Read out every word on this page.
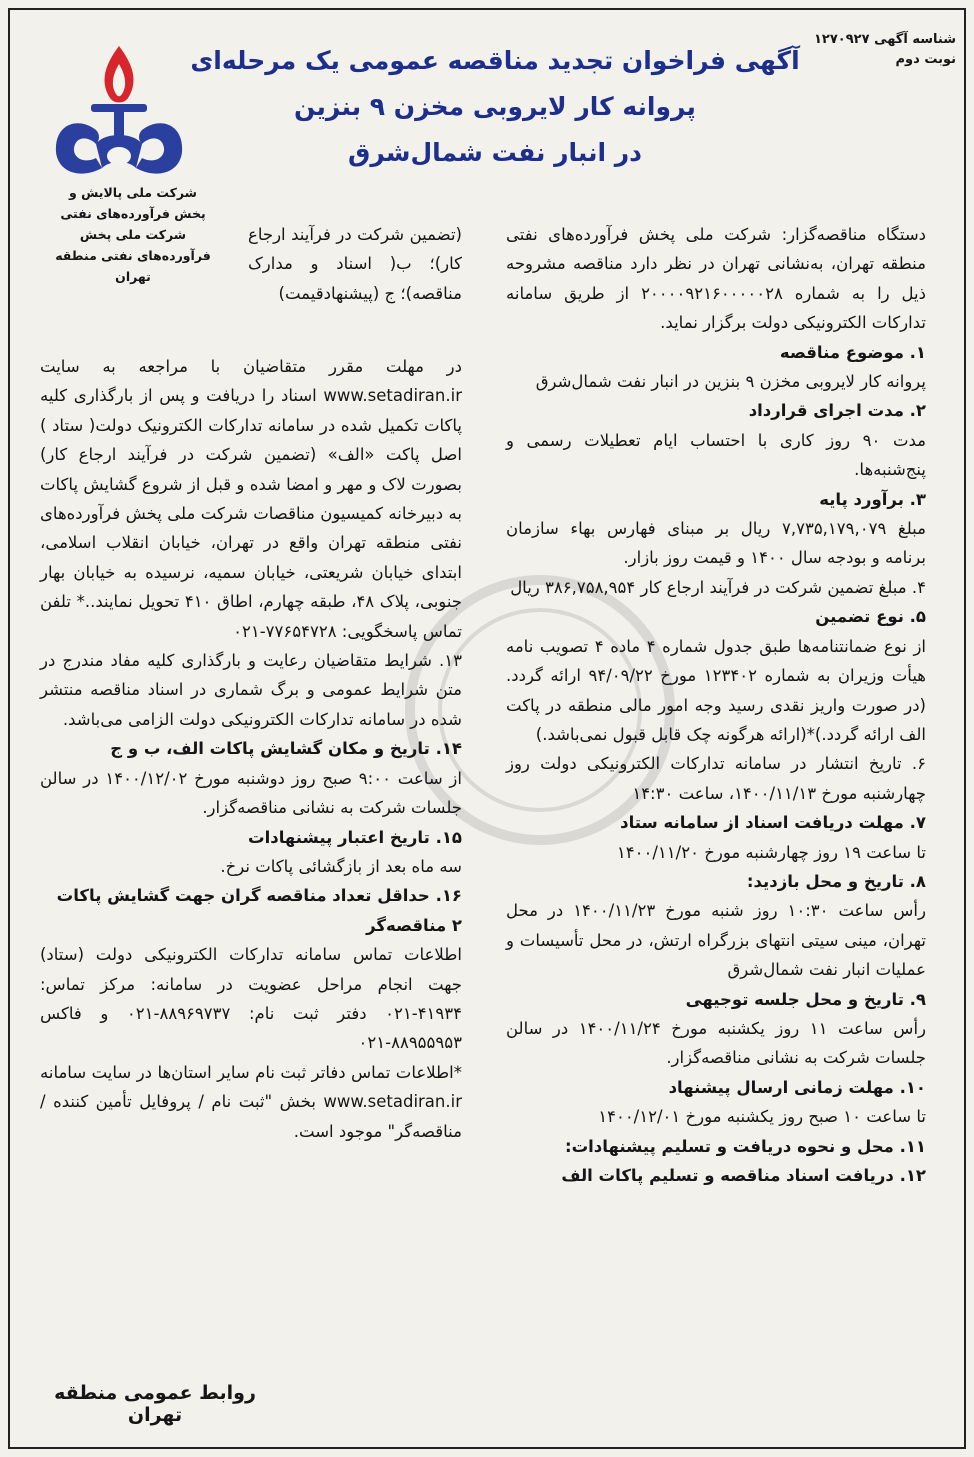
شناسه آگهی ۱۲۷۰۹۲۷
نوبت دوم
آگهی فراخوان تجدید مناقصه عمومی یک مرحله‌ای
پروانه کار لایروبی مخزن ۹ بنزین
در انبار نفت شمال‌شرق
شرکت ملی پالایش و
پخش فرآورده‌های نفتی
شرکت ملی پخش
فرآورده‌های نفتی منطقه
تهران

دستگاه مناقصه‌گزار: شرکت ملی پخش فرآورده‌های نفتی منطقه تهران، به‌نشانی تهران در نظر دارد مناقصه مشروحه ذیل را به شماره ۲۰۰۰۰۹۲۱۶۰۰۰۰۰۲۸ از طریق سامانه تدارکات الکترونیکی دولت برگزار نماید.

۱. موضوع مناقصه

پروانه کار لایروبی مخزن ۹ بنزین در انبار نفت شمال‌شرق

۲. مدت اجرای قرارداد

مدت ۹۰ روز کاری با احتساب ایام تعطیلات رسمی و پنج‌شنبه‌ها.

۳. برآورد پایه

مبلغ ۷,۷۳۵,۱۷۹,۰۷۹ ریال بر مبنای فهارس بهاء سازمان برنامه و بودجه سال ۱۴۰۰ و قیمت روز بازار.

۴. مبلغ تضمین شرکت در فرآیند ارجاع کار ۳۸۶,۷۵۸,۹۵۴ ریال

۵. نوع تضمین

از نوع ضمانتنامه‌ها طبق جدول شماره ۴ ماده ۴ تصویب نامه هیأت وزیران به شماره ۱۲۳۴۰۲ مورخ ۹۴/۰۹/۲۲ ارائه گردد. (در صورت واریز نقدی رسید وجه امور مالی منطقه در پاکت الف ارائه گردد.)*(ارائه هرگونه چک قابل قبول نمی‌باشد.)

۶. تاریخ انتشار در سامانه تدارکات الکترونیکی دولت روز چهارشنبه مورخ ۱۴۰۰/۱۱/۱۳، ساعت ۱۴:۳۰

۷. مهلت دریافت اسناد از سامانه ستاد

تا ساعت ۱۹ روز چهارشنبه مورخ ۱۴۰۰/۱۱/۲۰

۸. تاریخ و محل بازدید:

رأس ساعت ۱۰:۳۰ روز شنبه مورخ ۱۴۰۰/۱۱/۲۳ در محل تهران، مینی سیتی انتهای بزرگراه ارتش، در محل تأسیسات و عملیات انبار نفت شمال‌شرق

۹. تاریخ و محل جلسه توجیهی

رأس ساعت ۱۱ روز یکشنبه مورخ ۱۴۰۰/۱۱/۲۴ در سالن جلسات شرکت به نشانی مناقصه‌گزار.

۱۰. مهلت زمانی ارسال پیشنهاد

تا ساعت ۱۰ صبح روز یکشنبه مورخ ۱۴۰۰/۱۲/۰۱

۱۱. محل و نحوه دریافت و تسلیم پیشنهادات:

۱۲. دریافت اسناد مناقصه و تسلیم پاکات الف

(تضمین شرکت در فرآیند ارجاع کار)؛ ب( اسناد و مدارک مناقصه)؛ ج (پیشنهادقیمت)

در مهلت مقرر متقاضیان با مراجعه به سایت www.setadiran.ir اسناد را دریافت و پس از بارگذاری کلیه پاکات تکمیل شده در سامانه تدارکات الکترونیک دولت( ستاد ) اصل پاکت «الف» (تضمین شرکت در فرآیند ارجاع کار) بصورت لاک و مهر و امضا شده و قبل از شروع گشایش پاکات به دبیرخانه کمیسیون مناقصات شرکت ملی پخش فرآورده‌های نفتی منطقه تهران واقع در تهران، خیابان انقلاب اسلامی، ابتدای خیابان شریعتی، خیابان سمیه، نرسیده به خیابان بهار جنوبی، پلاک ۴۸، طبقه چهارم، اطاق ۴۱۰ تحویل نمایند..* تلفن تماس پاسخگویی: ۷۷۶۵۴۷۲۸-۰۲۱

۱۳. شرایط متقاضیان رعایت و بارگذاری کلیه مفاد مندرج در متن شرایط عمومی و برگ شماری در اسناد مناقصه منتشر شده در سامانه تدارکات الکترونیکی دولت الزامی می‌باشد.

۱۴. تاریخ و مکان گشایش پاکات الف، ب و ج

از ساعت ۹:۰۰ صبح روز دوشنبه مورخ ۱۴۰۰/۱۲/۰۲ در سالن جلسات شرکت به نشانی مناقصه‌گزار.

۱۵. تاریخ اعتبار پیشنهادات

سه ماه بعد از بازگشائی پاکات نرخ.

۱۶. حداقل تعداد مناقصه گران جهت گشایش پاکات

۲ مناقصه‌گر

اطلاعات تماس سامانه تدارکات الکترونیکی دولت (ستاد) جهت انجام مراحل عضویت در سامانه: مرکز تماس: ۴۱۹۳۴-۰۲۱ دفتر ثبت نام: ۸۸۹۶۹۷۳۷-۰۲۱ و فاکس ۸۸۹۵۵۹۵۳-۰۲۱

*اطلاعات تماس دفاتر ثبت نام سایر استان‌ها در سایت سامانه www.setadiran.ir بخش "ثبت نام / پروفایل تأمین کننده / مناقصه‌گر" موجود است.

روابط عمومی منطقه تهران
